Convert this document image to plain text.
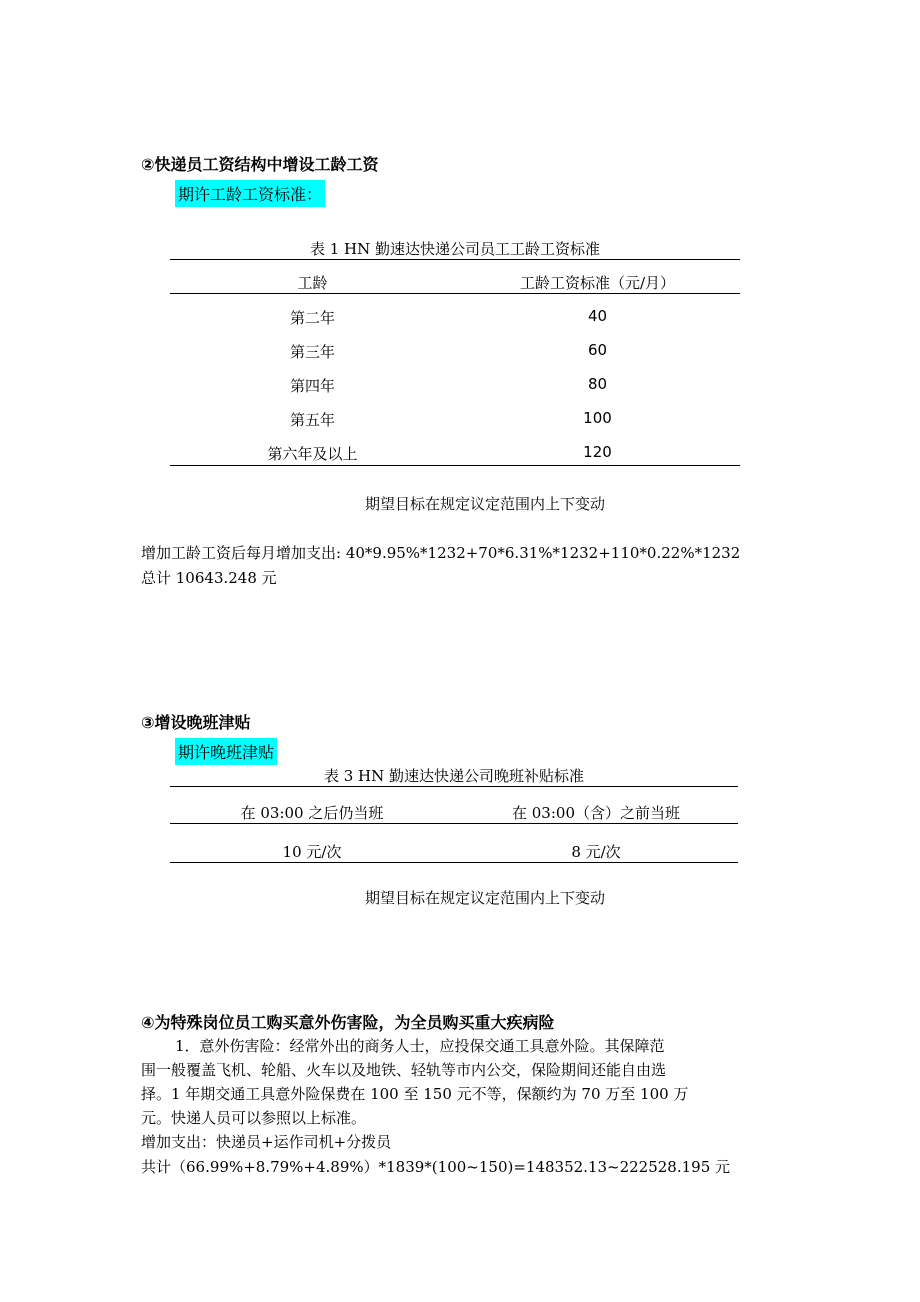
②快递员工资结构中增设工龄工资
期许工龄工资标准：
表 1 HN 勤速达快递公司员工工龄工资标准
工龄	工龄工资标准（元/月）
第二年	40
第三年	60
第四年	80
第五年	100
第六年及以上	120
期望目标在规定议定范围内上下变动
增加工龄工资后每月增加支出: 40*9.95%*1232+70*6.31%*1232+110*0.22%*1232
总计 10643.248 元
③增设晚班津贴
期许晚班津贴
表 3 HN 勤速达快递公司晚班补贴标准
在 03:00 之后仍当班	在 03:00（含）之前当班
10 元/次	8 元/次
期望目标在规定议定范围内上下变动
④为特殊岗位员工购买意外伤害险，为全员购买重大疾病险
1．意外伤害险：经常外出的商务人士，应投保交通工具意外险。其保障范
围一般覆盖飞机、轮船、火车以及地铁、轻轨等市内公交，保险期间还能自由选
择。1 年期交通工具意外险保费在 100 至 150 元不等，保额约为 70 万至 100 万
元。快递人员可以参照以上标准。
增加支出：快递员+运作司机+分拨员
共计（66.99%+8.79%+4.89%）*1839*(100~150)=148352.13~222528.195 元
